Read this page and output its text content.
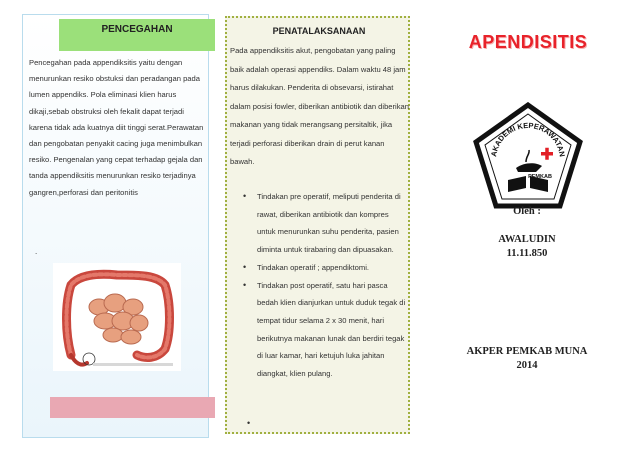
PENCEGAHAN
Pencegahan pada appendiksitis yaitu dengan menurunkan resiko obstuksi dan peradangan pada lumen appendiks. Pola eliminasi klien harus dikaji,sebab obstruksi oleh fekalit dapat terjadi karena tidak ada kuatnya diit tinggi serat.Perawatan dan pengobatan penyakit cacing juga menimbulkan resiko. Pengenalan yang cepat terhadap gejala dan tanda appendiksitis menurunkan resiko terjadinya gangren,perforasi dan peritonitis
.
PENATALAKSANAAN
Pada appendiksitis akut, pengobatan yang paling baik adalah operasi appendiks. Dalam waktu 48 jam harus dilakukan. Penderita di obsevarsi, istirahat dalam posisi fowler, diberikan antibiotik dan diberikan makanan yang tidak merangsang persitaltik, jika terjadi perforasi diberikan drain di perut kanan bawah.
• Tindakan pre operatif, meliputi penderita di rawat, diberikan antibiotik dan kompres untuk menurunkan suhu penderita, pasien diminta untuk tirabaring dan dipuasakan.
• Tindakan operatif ; appendiktomi.
• Tindakan post operatif, satu hari pasca bedah klien dianjurkan untuk duduk tegak di tempat tidur selama 2 x 30 menit, hari berikutnya makanan lunak dan berdiri tegak di luar kamar, hari ketujuh luka jahitan diangkat, klien pulang.
•
APENDISITIS
AKADEMI KEPERAWATAN
PEMKAB
MUNA
Oleh :
AWALUDIN
11.11.850
AKPER PEMKAB MUNA
2014
